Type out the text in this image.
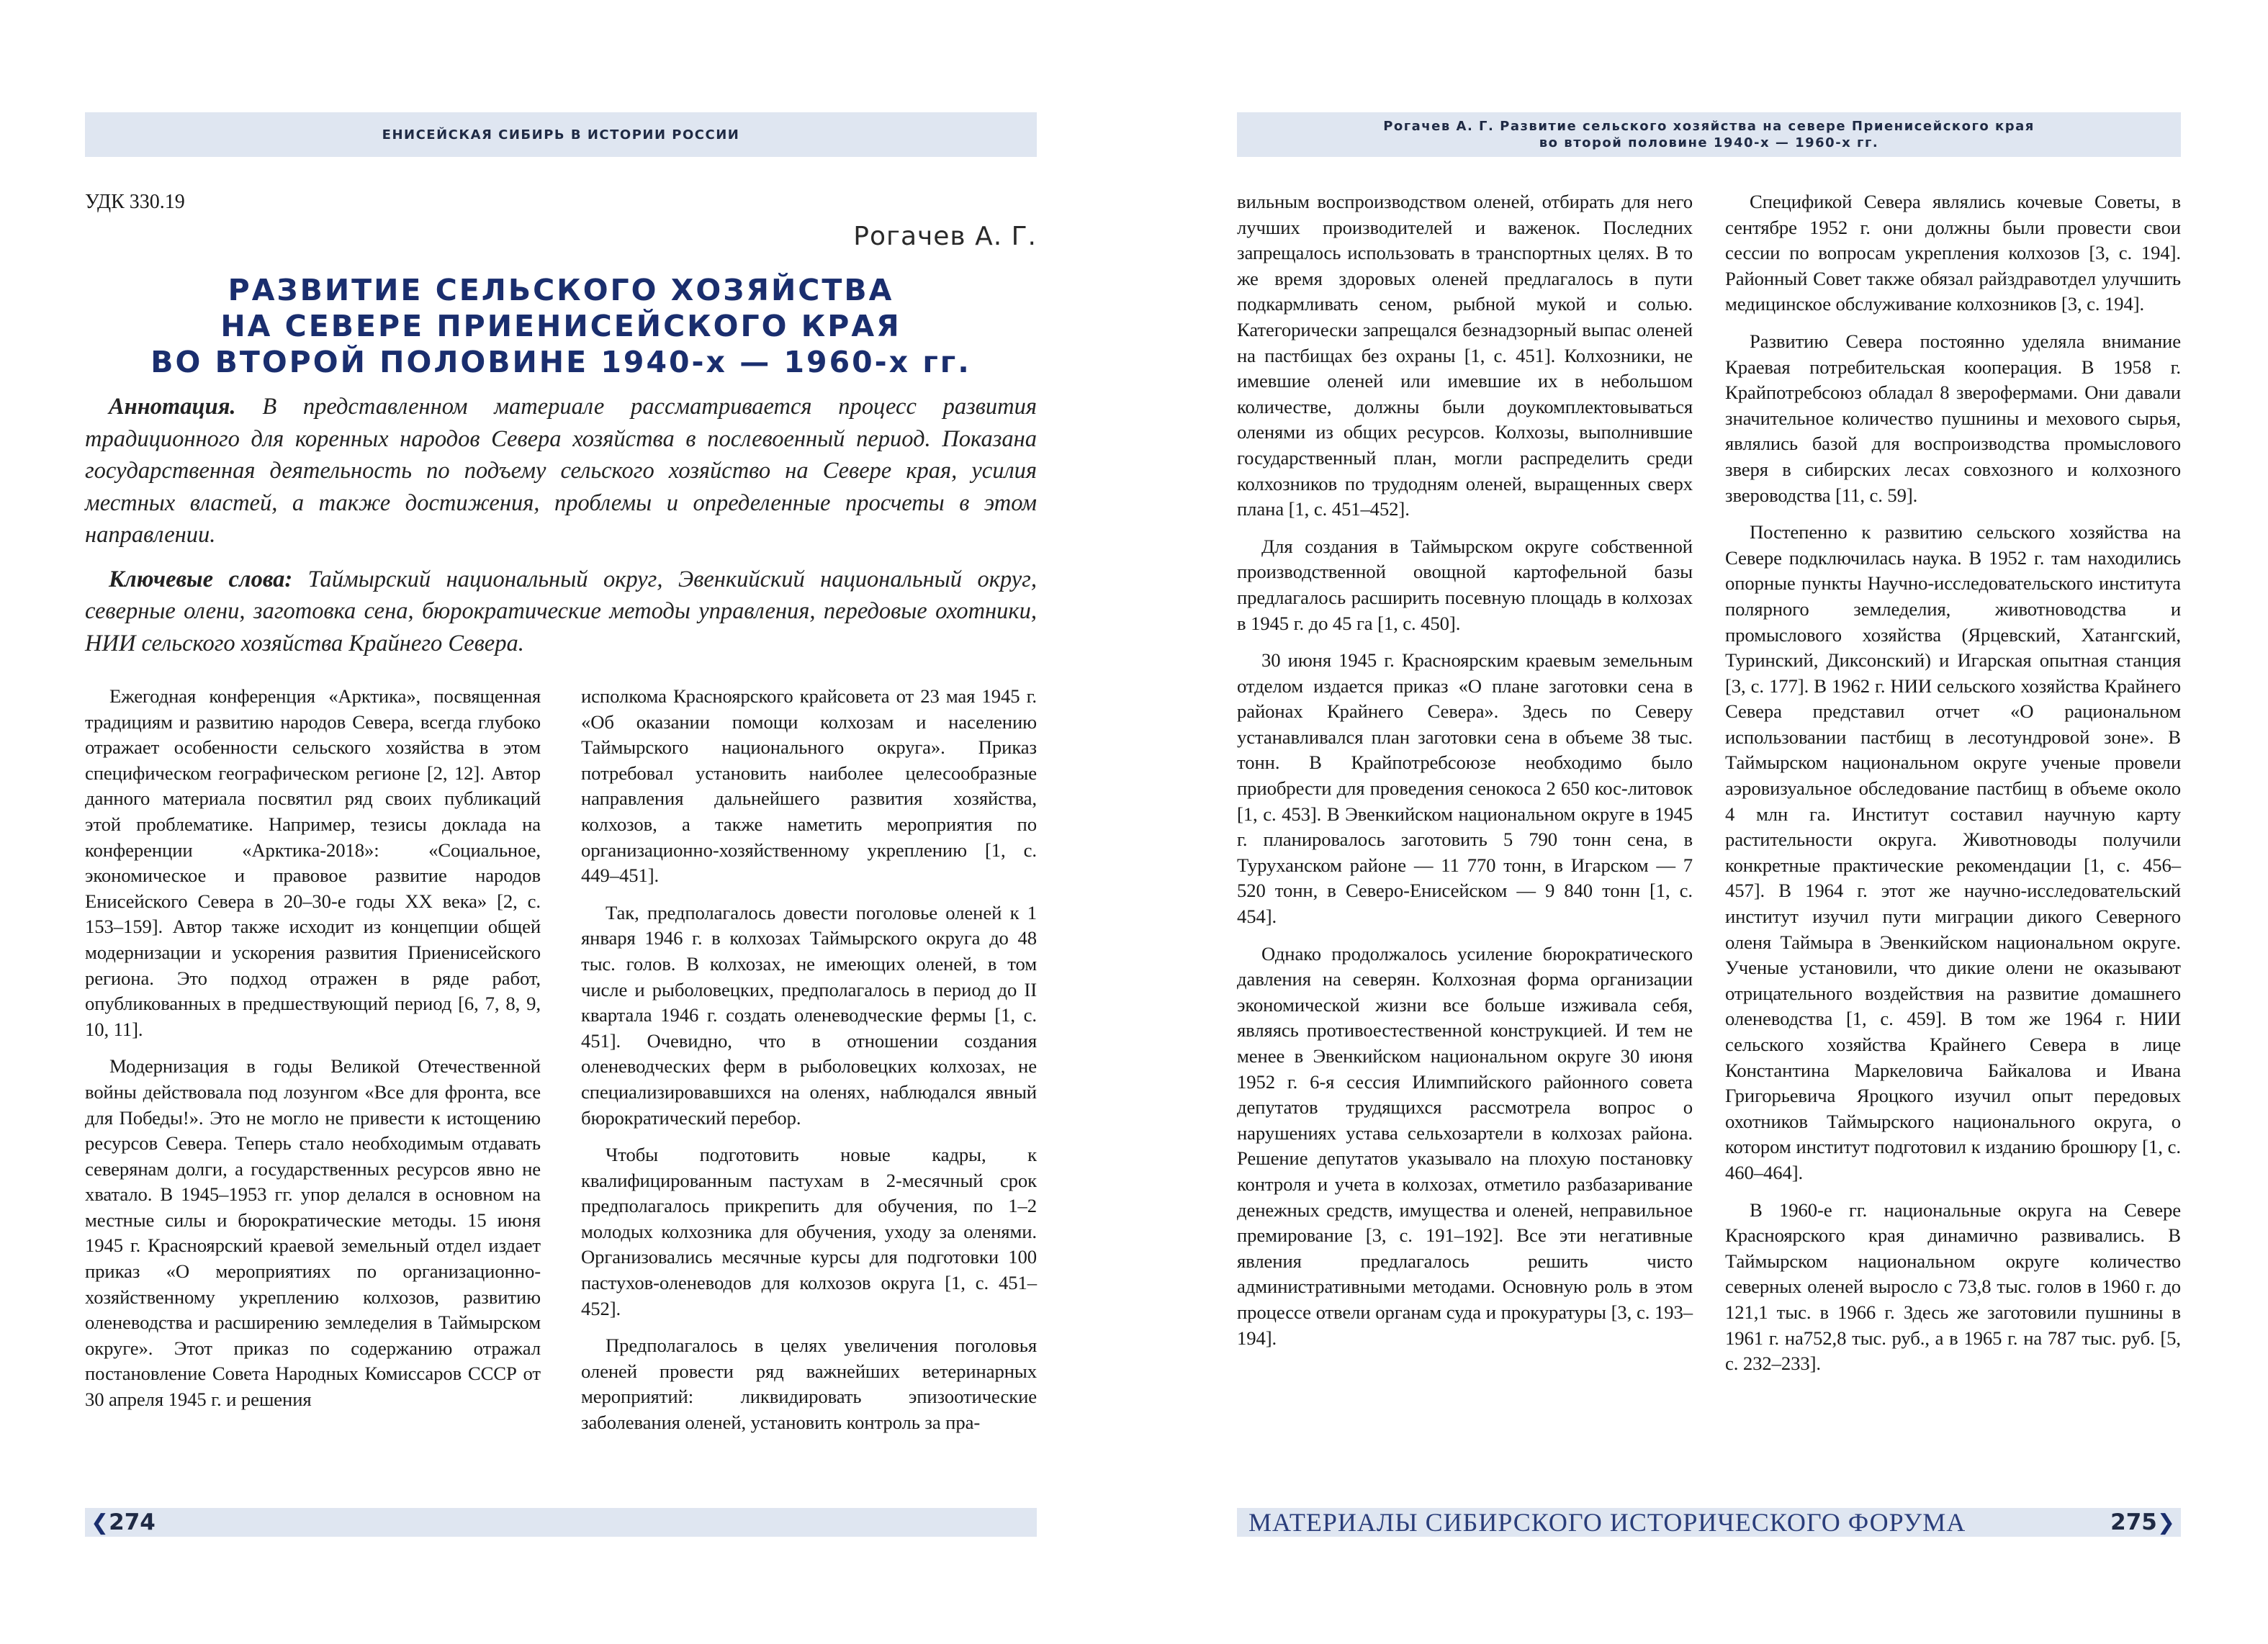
ЕНИСЕЙСКАЯ СИБИРЬ В ИСТОРИИ РОССИИ
УДК 330.19
Рогачев А. Г.
РАЗВИТИЕ СЕЛЬСКОГО ХОЗЯЙСТВА
НА СЕВЕРЕ ПРИЕНИСЕЙСКОГО КРАЯ
ВО ВТОРОЙ ПОЛОВИНЕ 1940-х — 1960-х гг.

Аннотация. В представленном материале рассматривается процесс развития традиционного для коренных народов Севера хозяйства в послевоенный период. Показана государственная деятельность по подъему сельского хозяйство на Севере края, усилия местных властей, а также достижения, проблемы и определенные просчеты в этом направлении.

Ключевые слова: Таймырский национальный округ, Эвенкийский национальный округ, северные олени, заготовка сена, бюрократические методы управления, передовые охотники, НИИ сельского хозяйства Крайнего Севера.

Ежегодная конференция «Арктика», посвященная традициям и развитию народов Севера, всегда глубоко отражает особенности сельского хозяйства в этом специфическом географическом регионе [2, 12]. Автор данного материала посвятил ряд своих публикаций этой проблематике. Например, тезисы доклада на конференции «Арктика-2018»: «Социальное, экономическое и правовое развитие народов Енисейского Севера в 20–30-е годы XX века» [2, с. 153–159]. Автор также исходит из концепции общей модернизации и ускорения развития Приенисейского региона. Это подход отражен в ряде работ, опубликованных в предшествующий период [6, 7, 8, 9, 10, 11].

Модернизация в годы Великой Отечественной войны действовала под лозунгом «Все для фронта, все для Победы!». Это не могло не привести к истощению ресурсов Севера. Теперь стало необходимым отдавать северянам долги, а государственных ресурсов явно не хватало. В 1945–1953 гг. упор делался в основном на местные силы и бюрократические методы. 15 июня 1945 г. Красноярский краевой земельный отдел издает приказ «О мероприятиях по организационно-хозяйственному укреплению колхозов, развитию оленеводства и расширению земледелия в Таймырском округе». Этот приказ по содержанию отражал постановление Совета Народных Комиссаров СССР от 30 апреля 1945 г. и решения

исполкома Красноярского крайсовета от 23 мая 1945 г. «Об оказании помощи колхозам и населению Таймырского национального округа». Приказ потребовал установить наиболее целесообразные направления дальнейшего развития хозяйства, колхозов, а также наметить мероприятия по организационно-хозяйственному укреплению [1, с. 449–451].

Так, предполагалось довести поголовье оленей к 1 января 1946 г. в колхозах Таймырского округа до 48 тыс. голов. В колхозах, не имеющих оленей, в том числе и рыболовецких, предполагалось в период до II квартала 1946 г. создать оленеводческие фермы [1, с. 451]. Очевидно, что в отношении создания оленеводческих ферм в рыболовецких колхозах, не специализировавшихся на оленях, наблюдался явный бюрократический перебор.

Чтобы подготовить новые кадры, к квалифицированным пастухам в 2-месячный срок предполагалось прикрепить для обучения, по 1–2 молодых колхозника для обучения, уходу за оленями. Организовались месячные курсы для подготовки 100 пастухов-оленеводов для колхозов округа [1, с. 451–452].

Предполагалось в целях увеличения поголовья оленей провести ряд важнейших ветеринарных мероприятий: ликвидировать эпизоотические заболевания оленей, установить контроль за пра-

❮ 274
Рогачев А. Г. Развитие сельского хозяйства на севере Приенисейского края
во второй половине 1940-х — 1960-х гг.

вильным воспроизводством оленей, отбирать для него лучших производителей и важенок. Последних запрещалось использовать в транспортных целях. В то же время здоровых оленей предлагалось в пути подкармливать сеном, рыбной мукой и солью. Категорически запрещался безнадзорный выпас оленей на пастбищах без охраны [1, с. 451]. Колхозники, не имевшие оленей или имевшие их в небольшом количестве, должны были доукомплектовываться оленями из общих ресурсов. Колхозы, выполнившие государственный план, могли распределить среди колхозников по трудодням оленей, выращенных сверх плана [1, с. 451–452].

Для создания в Таймырском округе собственной производственной овощной картофельной базы предлагалось расширить посевную площадь в колхозах в 1945 г. до 45 га [1, с. 450].

30 июня 1945 г. Красноярским краевым земельным отделом издается приказ «О плане заготовки сена в районах Крайнего Севера». Здесь по Северу устанавливался план заготовки сена в объеме 38 тыс. тонн. В Крайпотребсоюзе необходимо было приобрести для проведения сенокоса 2 650 кос-литовок [1, с. 453]. В Эвенкийском национальном округе в 1945 г. планировалось заготовить 5 790 тонн сена, в Туруханском районе — 11 770 тонн, в Игарском — 7 520 тонн, в Северо-Енисейском — 9 840 тонн [1, с. 454].

Однако продолжалось усиление бюрократического давления на северян. Колхозная форма организации экономической жизни все больше изживала себя, являясь противоестественной конструкцией. И тем не менее в Эвенкийском национальном округе 30 июня 1952 г. 6-я сессия Илимпийского районного совета депутатов трудящихся рассмотрела вопрос о нарушениях устава сельхозартели в колхозах района. Решение депутатов указывало на плохую постановку контроля и учета в колхозах, отметило разбазаривание денежных средств, имущества и оленей, неправильное премирование [3, с. 191–192]. Все эти негативные явления предлагалось решить чисто административными методами. Основную роль в этом процессе отвели органам суда и прокуратуры [3, с. 193–194].

Спецификой Севера являлись кочевые Советы, в сентябре 1952 г. они должны были провести свои сессии по вопросам укрепления колхозов [3, с. 194]. Районный Совет также обязал райздравотдел улучшить медицинское обслуживание колхозников [3, с. 194].

Развитию Севера постоянно уделяла внимание Краевая потребительская кооперация. В 1958 г. Крайпотребсоюз обладал 8 зверофермами. Они давали значительное количество пушнины и мехового сырья, являлись базой для воспроизводства промыслового зверя в сибирских лесах совхозного и колхозного звероводства [11, с. 59].

Постепенно к развитию сельского хозяйства на Севере подключилась наука. В 1952 г. там находились опорные пункты Научно-исследовательского института полярного земледелия, животноводства и промыслового хозяйства (Ярцевский, Хатангский, Туринский, Диксонский) и Игарская опытная станция [3, с. 177]. В 1962 г. НИИ сельского хозяйства Крайнего Севера представил отчет «О рациональном использовании пастбищ в лесотундровой зоне». В Таймырском национальном округе ученые провели аэровизуальное обследование пастбищ в объеме около 4 млн га. Институт составил научную карту растительности округа. Животноводы получили конкретные практические рекомендации [1, с. 456–457]. В 1964 г. этот же научно-исследовательский институт изучил пути миграции дикого Северного оленя Таймыра в Эвенкийском национальном округе. Ученые установили, что дикие олени не оказывают отрицательного воздействия на развитие домашнего оленеводства [1, с. 459]. В том же 1964 г. НИИ сельского хозяйства Крайнего Севера в лице Константина Маркеловича Байкалова и Ивана Григорьевича Яроцкого изучил опыт передовых охотников Таймырского национального округа, о котором институт подготовил к изданию брошюру [1, с. 460–464].

В 1960-е гг. национальные округа на Севере Красноярского края динамично развивались. В Таймырском национальном округе количество северных оленей выросло с 73,8 тыс. голов в 1960 г. до 121,1 тыс. в 1966 г. Здесь же заготовили пушнины в 1961 г. на752,8 тыс. руб., а в 1965 г. на 787 тыс. руб. [5, с. 232–233].

МАТЕРИАЛЫ СИБИРСКОГО ИСТОРИЧЕСКОГО ФОРУМА	275 ❯
